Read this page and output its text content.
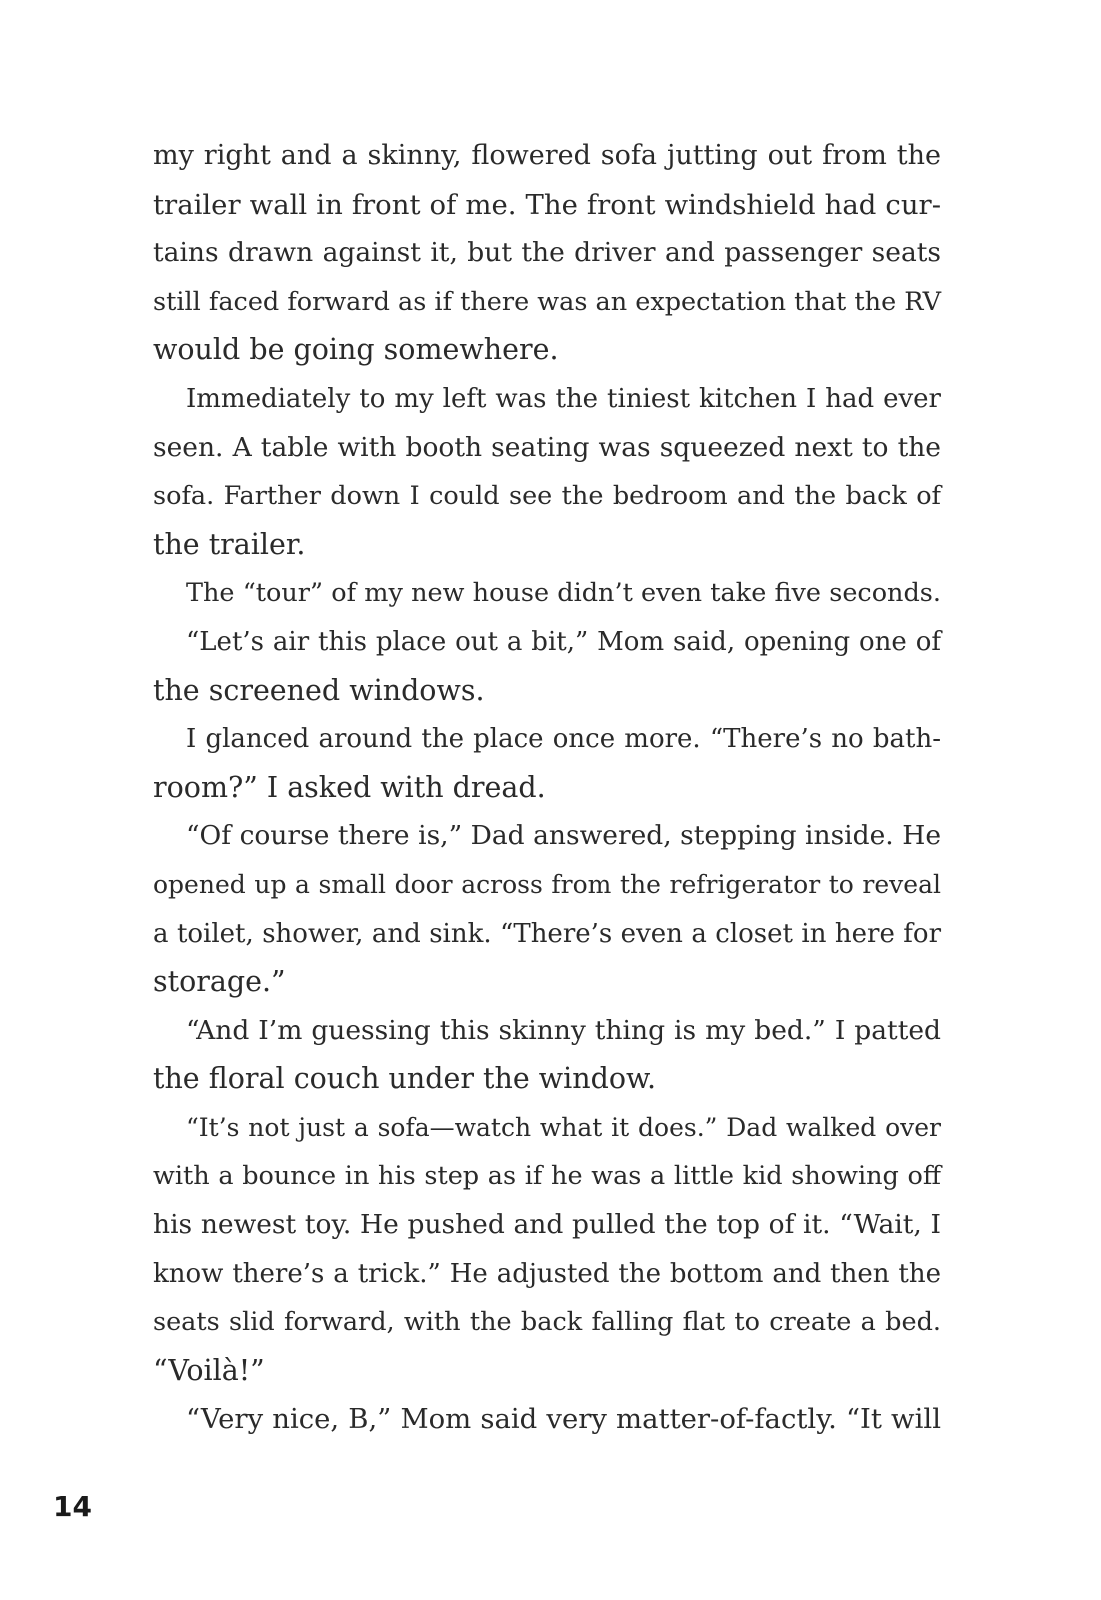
my right and a skinny, flowered sofa jutting out from the
trailer wall in front of me. The front windshield had cur-
tains drawn against it, but the driver and passenger seats
still faced forward as if there was an expectation that the RV
would be going somewhere.
Immediately to my left was the tiniest kitchen I had ever
seen. A table with booth seating was squeezed next to the
sofa. Farther down I could see the bedroom and the back of
the trailer.
The “tour” of my new house didn’t even take five seconds.
“Let’s air this place out a bit,” Mom said, opening one of
the screened windows.
I glanced around the place once more. “There’s no bath-
room?” I asked with dread.
“Of course there is,” Dad answered, stepping inside. He
opened up a small door across from the refrigerator to reveal
a toilet, shower, and sink. “There’s even a closet in here for
storage.”
“And I’m guessing this skinny thing is my bed.” I patted
the floral couch under the window.
“It’s not just a sofa—watch what it does.” Dad walked over
with a bounce in his step as if he was a little kid showing off
his newest toy. He pushed and pulled the top of it. “Wait, I
know there’s a trick.” He adjusted the bottom and then the
seats slid forward, with the back falling flat to create a bed.
“Voilà!”
“Very nice, B,” Mom said very matter-of-factly. “It will
14
